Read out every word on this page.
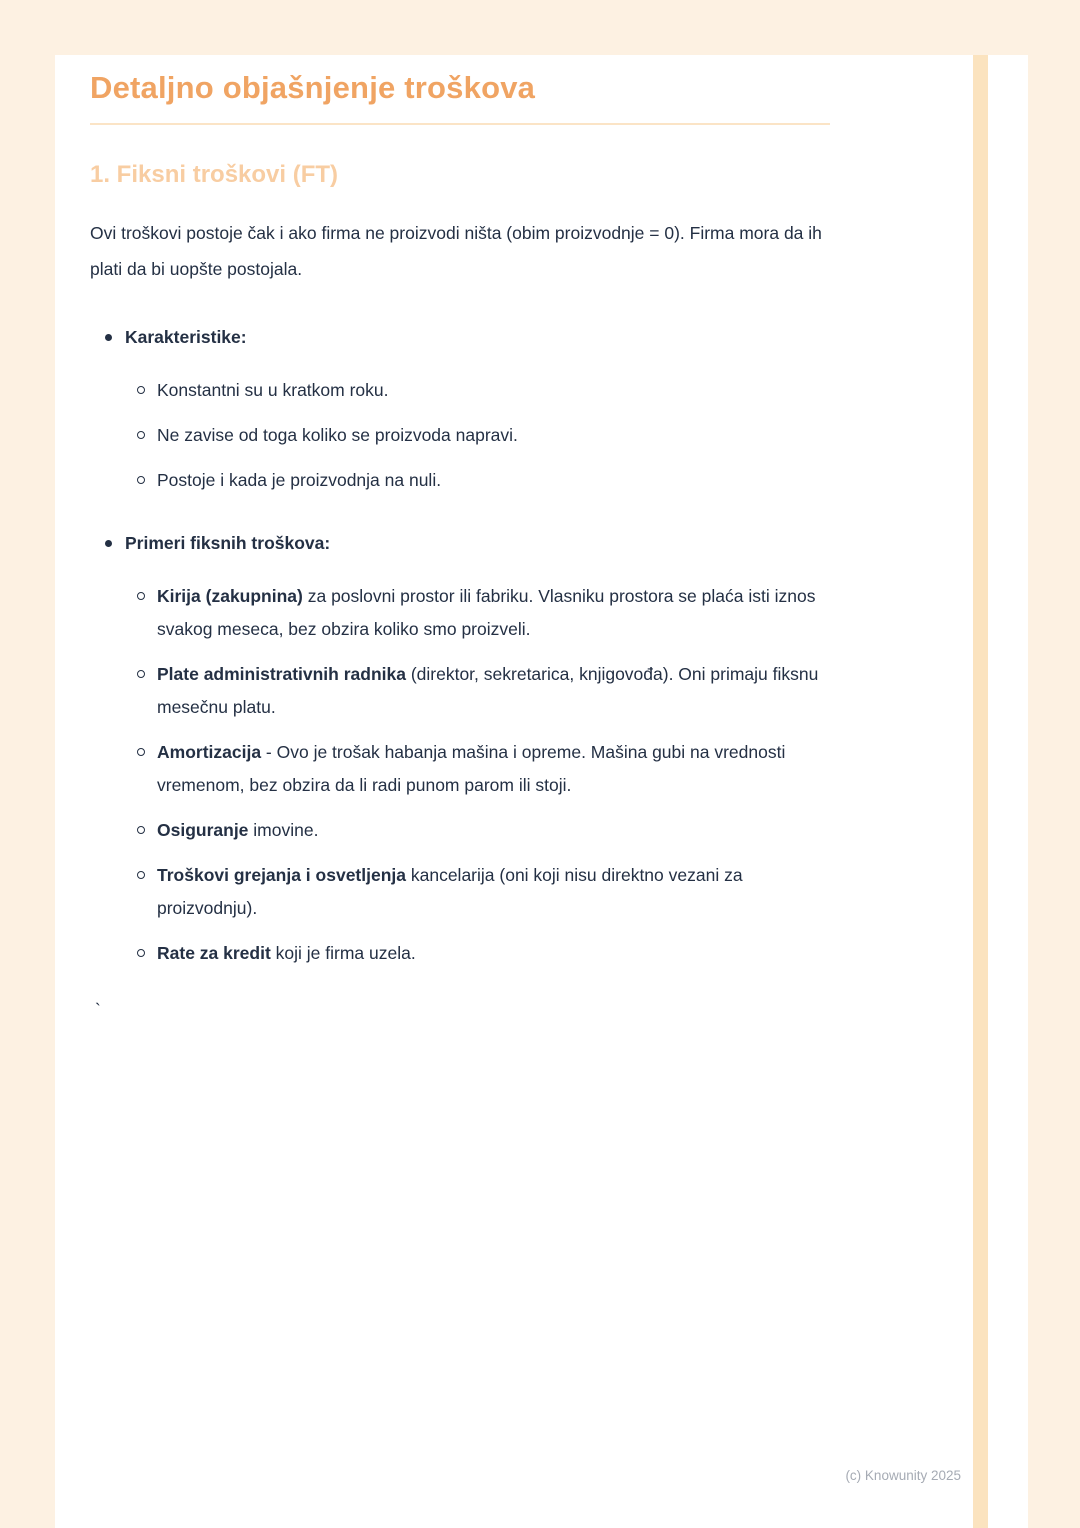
Detaljno objašnjenje troškova
1. Fiksni troškovi (FT)

Ovi troškovi postoje čak i ako firma ne proizvodi ništa (obim proizvodnje = 0). Firma mora da ih plati da bi uopšte postojala.

Karakteristike:
Konstantni su u kratkom roku.
Ne zavise od toga koliko se proizvoda napravi.
Postoje i kada je proizvodnja na nuli.
Primeri fiksnih troškova:
Kirija (zakupnina) za poslovni prostor ili fabriku. Vlasniku prostora se plaća isti iznos svakog meseca, bez obzira koliko smo proizveli.
Plate administrativnih radnika (direktor, sekretarica, knjigovođa). Oni primaju fiksnu mesečnu platu.
Amortizacija - Ovo je trošak habanja mašina i opreme. Mašina gubi na vrednosti vremenom, bez obzira da li radi punom parom ili stoji.
Osiguranje imovine.
Troškovi grejanja i osvetljenja kancelarija (oni koji nisu direktno vezani za proizvodnju).
Rate za kredit koji je firma uzela.
`
(c) Knowunity 2025
